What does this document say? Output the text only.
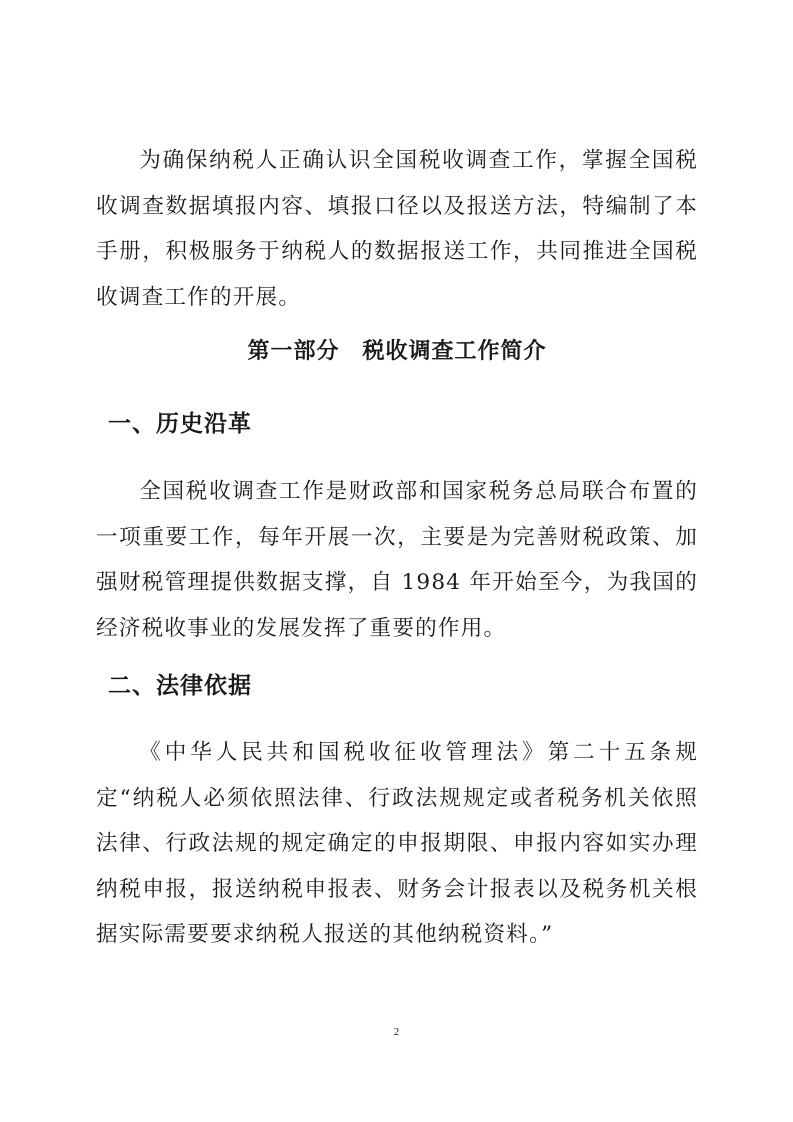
为确保纳税人正确认识全国税收调查工作，掌握全国税收调查数据填报内容、填报口径以及报送方法，特编制了本手册，积极服务于纳税人的数据报送工作，共同推进全国税收调查工作的开展。

第一部分　税收调查工作简介
一、历史沿革

全国税收调查工作是财政部和国家税务总局联合布置的一项重要工作，每年开展一次，主要是为完善财税政策、加强财税管理提供数据支撑，自 1984 年开始至今，为我国的经济税收事业的发展发挥了重要的作用。

二、法律依据

《中华人民共和国税收征收管理法》第二十五条规定“纳税人必须依照法律、行政法规规定或者税务机关依照法律、行政法规的规定确定的申报期限、申报内容如实办理纳税申报，报送纳税申报表、财务会计报表以及税务机关根据实际需要要求纳税人报送的其他纳税资料。”

2
